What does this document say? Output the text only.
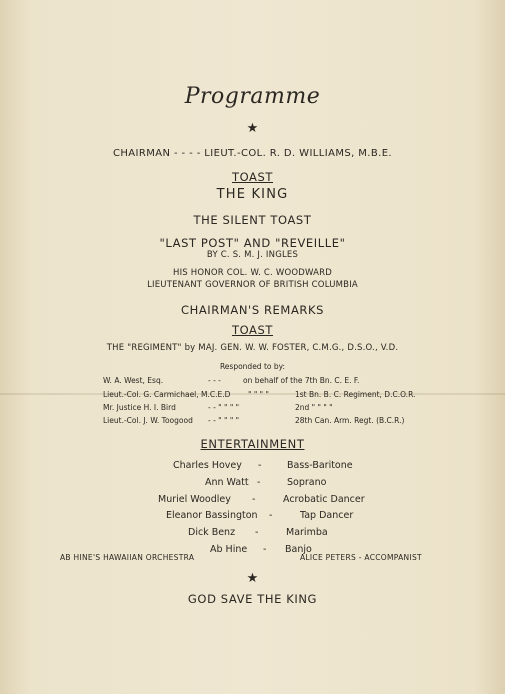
Programme
★
CHAIRMAN - - - - LIEUT.-COL. R. D. WILLIAMS, M.B.E.
TOAST
THE KING
THE SILENT TOAST
"LAST POST" AND "REVEILLE"
BY C. S. M. J. INGLES
HIS HONOR COL. W. C. WOODWARD
LIEUTENANT GOVERNOR OF BRITISH COLUMBIA
CHAIRMAN'S REMARKS
TOAST
THE "REGIMENT" by MAJ. GEN. W. W. FOSTER, C.M.G., D.S.O., V.D.
Responded to by:
W. A. West, Esq.	- - -	on behalf of the 7th Bn. C. E. F.
Lieut.-Col. G. Carmichael, M.C.E.D " " " "	1st Bn. B. C. Regiment, D.C.O.R.
Mr. Justice H. I. Bird	- - " " " "	2nd " " " "
Lieut.-Col. J. W. Toogood - - " " " "	28th Can. Arm. Regt. (B.C.R.)
ENTERTAINMENT
Charles Hovey -	Bass-Baritone
Ann Watt -	Soprano
Muriel Woodley -	Acrobatic Dancer
Eleanor Bassington -	Tap Dancer
Dick Benz -	Marimba
Ab Hine - Banjo
AB HINE'S HAWAIIAN ORCHESTRA	ALICE PETERS - ACCOMPANIST
★
GOD SAVE THE KING
